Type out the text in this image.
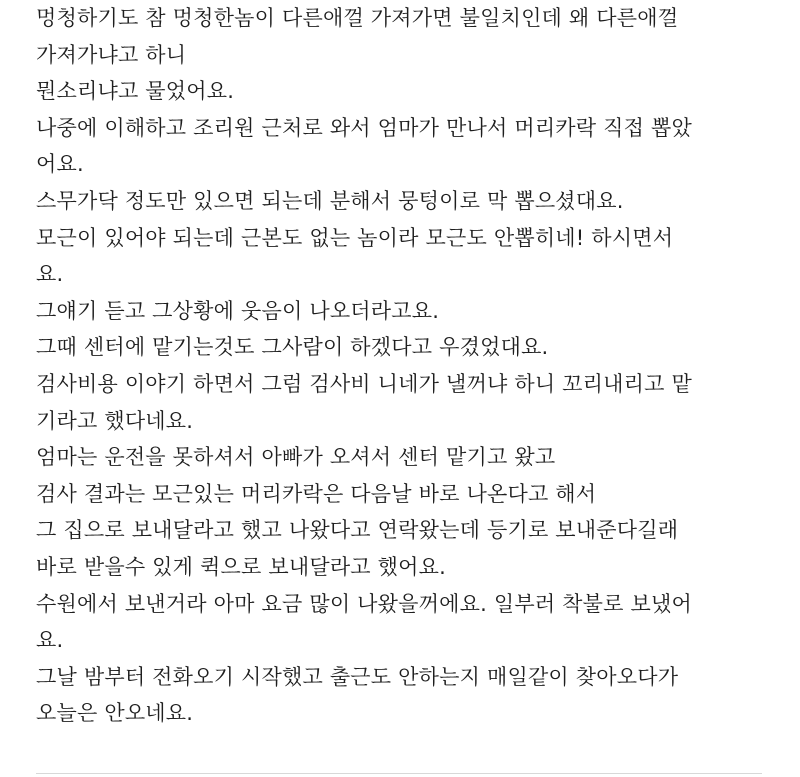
멍청하기도 참 멍청한놈이 다른애껄 가져가면 불일치인데 왜 다른애껄

가져가냐고 하니

뭔소리냐고 물었어요.

나중에 이해하고 조리원 근처로 와서 엄마가 만나서 머리카락 직접 뽑았

어요.

스무가닥 정도만 있으면 되는데 분해서 뭉텅이로 막 뽑으셨대요.

모근이 있어야 되는데 근본도 없는 놈이라 모근도 안뽑히네! 하시면서

요.

그얘기 듣고 그상황에 웃음이 나오더라고요.

그때 센터에 맡기는것도 그사람이 하겠다고 우겼었대요.

검사비용 이야기 하면서 그럼 검사비 니네가 낼꺼냐 하니 꼬리내리고 맡

기라고 했다네요.

엄마는 운전을 못하셔서 아빠가 오셔서 센터 맡기고 왔고

검사 결과는 모근있는 머리카락은 다음날 바로 나온다고 해서

그 집으로 보내달라고 했고 나왔다고 연락왔는데 등기로 보내준다길래

바로 받을수 있게 퀵으로 보내달라고 했어요.

수원에서 보낸거라 아마 요금 많이 나왔을꺼에요. 일부러 착불로 보냈어

요.

그날 밤부터 전화오기 시작했고 출근도 안하는지 매일같이 찾아오다가

오늘은 안오네요.
